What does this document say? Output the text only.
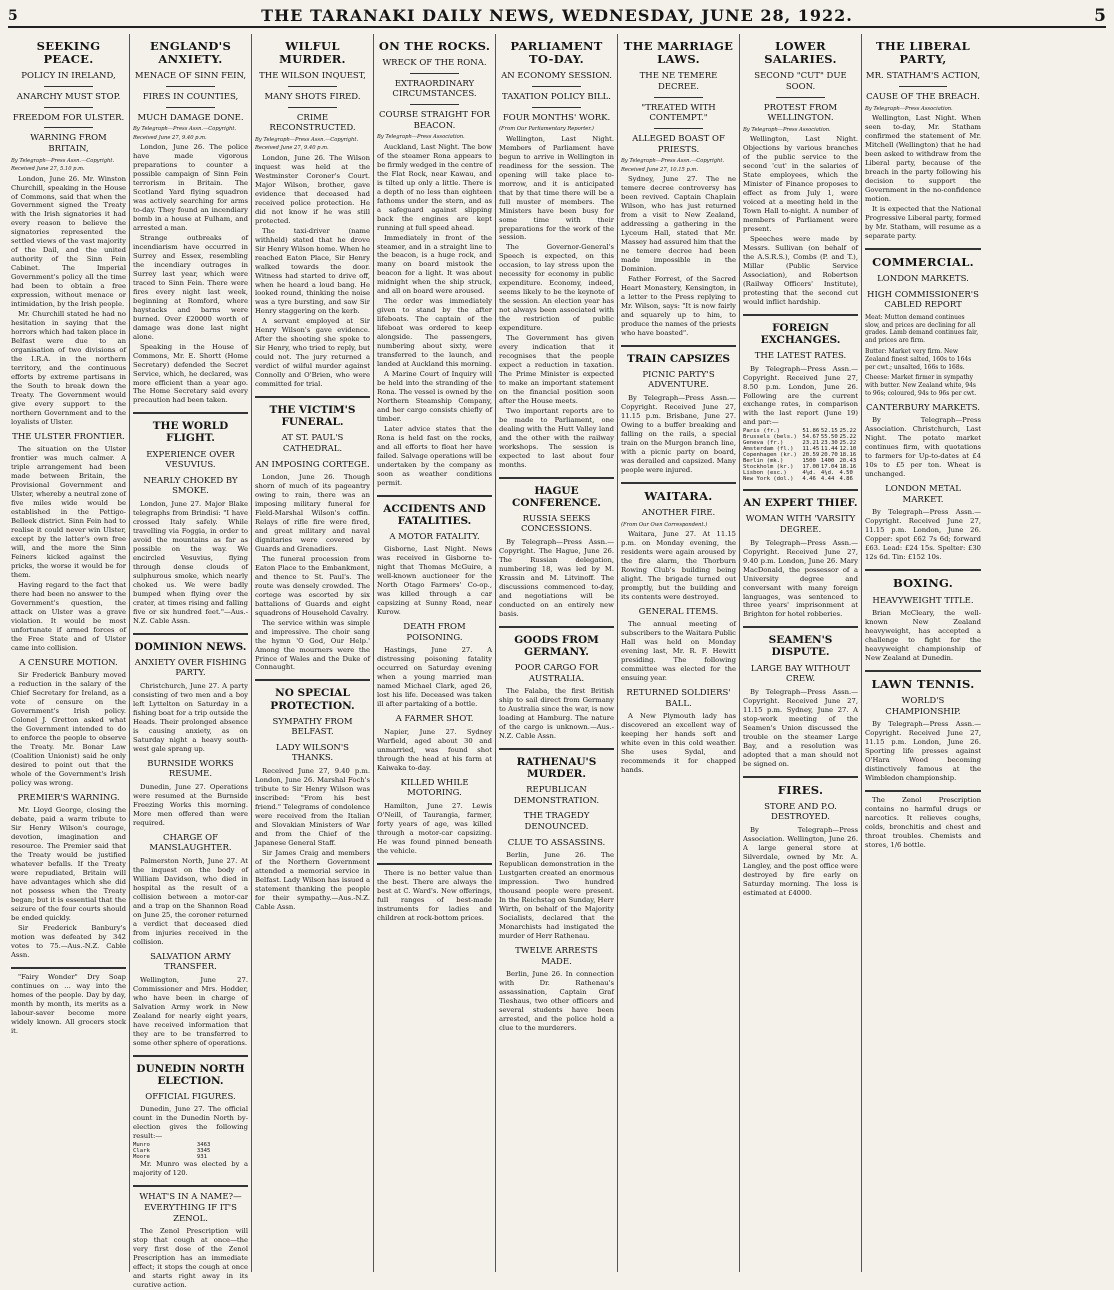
5	THE TARANAKI DAILY NEWS, WEDNESDAY, JUNE 28, 1922.	5
SEEKING PEACE.
POLICY IN IRELAND,
ANARCHY MUST STOP.
FREEDOM FOR ULSTER.
WARNING FROM BRITAIN,
By Telegraph—Press Assn.—Copyright.
Received June 27, 5.10 p.m.

London, June 26. Mr. Winston Churchill, speaking in the House of Commons, said that when the Government signed the Treaty with the Irish signatories it had every reason to believe the signatories represented the settled views of the vast majority of the Dail, and the united authority of the Sinn Fein Cabinet. The Imperial Government's policy all the time had been to obtain a free expression, without menace or intimidation, by the Irish people.

Mr. Churchill stated he had no hesitation in saying that the horrors which had taken place in Belfast were due to an organisation of two divisions of the I.R.A. in the northern territory, and the continuous efforts by extreme partisans in the South to break down the Treaty. The Government would give every support to the northern Government and to the loyalists of Ulster.

THE ULSTER FRONTIER.

The situation on the Ulster frontier was much calmer. A triple arrangement had been made between Britain, the Provisional Government and Ulster, whereby a neutral zone of five miles wide would be established in the Pettigo-Belleek district. Sinn Fein had to realise it could never win Ulster, except by the latter's own free will, and the more the Sinn Feiners kicked against the pricks, the worse it would be for them.

Having regard to the fact that there had been no answer to the Government's question, the attack on Ulster was a grave violation. It would be most unfortunate if armed forces of the Free State and of Ulster came into collision.

A CENSURE MOTION.

Sir Frederick Banbury moved a reduction in the salary of the Chief Secretary for Ireland, as a vote of censure on the Government's Irish policy. Colonel J. Gretton asked what the Government intended to do to enforce the people to observe the Treaty. Mr. Bonar Law (Coalition Unionist) said he only desired to point out that the whole of the Government's Irish policy was wrong.

PREMIER'S WARNING.

Mr. Lloyd George, closing the debate, paid a warm tribute to Sir Henry Wilson's courage, devotion, imagination and resource. The Premier said that the Treaty would be justified whatever befalls. If the Treaty were repudiated, Britain will have advantages which she did not possess when the Treaty began; but it is essential that the seizure of the four courts should be ended quickly.

Sir Frederick Banbury's motion was defeated by 342 votes to 75.—Aus.-N.Z. Cable Assn.

"Fairy Wonder" Dry Soap continues on ... way into the homes of the people. Day by day, month by month, its merits as a labour-saver become more widely known. All grocers stock it.

ENGLAND'S ANXIETY.
MENACE OF SINN FEIN,
FIRES IN COUNTIES,
MUCH DAMAGE DONE.
By Telegraph—Press Assn.—Copyright.
Received June 27, 9.40 p.m.

London, June 26. The police have made vigorous preparations to counter a possible campaign of Sinn Fein terrorism in Britain. The Scotland Yard flying squadron was actively searching for arms to-day. They found an incendiary bomb in a house at Fulham, and arrested a man.

Strange outbreaks of incendiarism have occurred in Surrey and Essex, resembling the incendiary outrages in Surrey last year, which were traced to Sinn Fein. There were fires every night last week, beginning at Romford, where haystacks and barns were burned. Over £20000 worth of damage was done last night alone.

Speaking in the House of Commons, Mr. E. Shortt (Home Secretary) defended the Secret Service, which, he declared, was more efficient than a year ago. The Home Secretary said every precaution had been taken.

THE WORLD FLIGHT.
EXPERIENCE OVER VESUVIUS.
NEARLY CHOKED BY SMOKE.

London, June 27. Major Blake telegraphs from Brindisi: "I have crossed Italy safely. While travelling via Foggia, in order to avoid the mountains as far as possible on the way. We encircled Vesuvius, flying through dense clouds of sulphurous smoke, which nearly choked us. We were badly bumped when flying over the crater, at times rising and falling five or six hundred feet."—Aus.-N.Z. Cable Assn.

DOMINION NEWS.
ANXIETY OVER FISHING PARTY.

Christchurch, June 27. A party consisting of two men and a boy left Lyttelton on Saturday in a fishing boat for a trip outside the Heads. Their prolonged absence is causing anxiety, as on Saturday night a heavy south-west gale sprang up.

BURNSIDE WORKS RESUME.

Dunedin, June 27. Operations were resumed at the Burnside Freezing Works this morning. More men offered than were required.

CHARGE OF MANSLAUGHTER.

Palmerston North, June 27. At the inquest on the body of William Davidson, who died in hospital as the result of a collision between a motor-car and a trap on the Shannon Road on June 25, the coroner returned a verdict that deceased died from injuries received in the collision.

SALVATION ARMY TRANSFER.

Wellington, June 27. Commissioner and Mrs. Hodder, who have been in charge of Salvation Army work in New Zealand for nearly eight years, have received information that they are to be transferred to some other sphere of operations.

DUNEDIN NORTH ELECTION.
OFFICIAL FIGURES.

Dunedin, June 27. The official count in the Dunedin North by-election gives the following result:—

Munro	3463
Clark	3345
Moore	931

Mr. Munro was elected by a majority of 120.

WHAT'S IN A NAME?—EVERYTHING IF IT'S ZENOL.

The Zenol Prescription will stop that cough at once—the very first dose of the Zenol Prescription has an immediate effect; it stops the cough at once and starts right away in its curative action.

WILFUL MURDER.
THE WILSON INQUEST,
MANY SHOTS FIRED.
CRIME RECONSTRUCTED.
By Telegraph—Press Assn.—Copyright.
Received June 27, 9.40 p.m.

London, June 26. The Wilson inquest was held at the Westminster Coroner's Court. Major Wilson, brother, gave evidence that deceased had received police protection. He did not know if he was still protected.

The taxi-driver (name withheld) stated that he drove Sir Henry Wilson home. When he reached Eaton Place, Sir Henry walked towards the door. Witness had started to drive off, when he heard a loud bang. He looked round, thinking the noise was a tyre bursting, and saw Sir Henry staggering on the kerb.

A servant employed at Sir Henry Wilson's gave evidence. After the shooting she spoke to Sir Henry, who tried to reply, but could not. The jury returned a verdict of wilful murder against Connolly and O'Brien, who were committed for trial.

THE VICTIM'S FUNERAL.
AT ST. PAUL'S CATHEDRAL.
AN IMPOSING CORTEGE.

London, June 26. Though shorn of much of its pageantry owing to rain, there was an imposing military funeral for Field-Marshal Wilson's coffin. Relays of rifle fire were fired, and great military and naval dignitaries were covered by Guards and Grenadiers.

The funeral procession from Eaton Place to the Embankment, and thence to St. Paul's. The route was densely crowded. The cortege was escorted by six battalions of Guards and eight squadrons of Household Cavalry.

The service within was simple and impressive. The choir sang the hymn 'O God, Our Help.' Among the mourners were the Prince of Wales and the Duke of Connaught.

NO SPECIAL PROTECTION.
SYMPATHY FROM BELFAST.
LADY WILSON'S THANKS.

Received June 27, 9.40 p.m. London, June 26. Marshal Foch's tribute to Sir Henry Wilson was inscribed: "From his best friend." Telegrams of condolence were received from the Italian and Slovakian Ministers of War and from the Chief of the Japanese General Staff.

Sir James Craig and members of the Northern Government attended a memorial service in Belfast. Lady Wilson has issued a statement thanking the people for their sympathy.—Aus.-N.Z. Cable Assn.

ON THE ROCKS.
WRECK OF THE RONA.
EXTRAORDINARY CIRCUMSTANCES.
COURSE STRAIGHT FOR BEACON.
By Telegraph—Press Association.

Auckland, Last Night. The bow of the steamer Rona appears to be firmly wedged in the centre of the Flat Rock, near Kawau, and is tilted up only a little. There is a depth of no less than eighteen fathoms under the stern, and as a safeguard against slipping back the engines are kept running at full speed ahead.

Immediately in front of the steamer, and in a straight line to the beacon, is a huge rock, and many on board mistook the beacon for a light. It was about midnight when the ship struck, and all on board were aroused.

The order was immediately given to stand by the after lifeboats. The captain of the lifeboat was ordered to keep alongside. The passengers, numbering about sixty, were transferred to the launch, and landed at Auckland this morning.

A Marine Court of Inquiry will be held into the stranding of the Rona. The vessel is owned by the Northern Steamship Company, and her cargo consists chiefly of timber.

Later advice states that the Rona is held fast on the rocks, and all efforts to float her have failed. Salvage operations will be undertaken by the company as soon as weather conditions permit.

ACCIDENTS AND FATALITIES.
A MOTOR FATALITY.

Gisborne, Last Night. News was received in Gisborne to-night that Thomas McGuire, a well-known auctioneer for the North Otago Farmers' Co-op., was killed through a car capsizing at Sunny Road, near Kurow.

DEATH FROM POISONING.

Hastings, June 27. A distressing poisoning fatality occurred on Saturday evening when a young married man named Michael Clark, aged 26, lost his life. Deceased was taken ill after partaking of a bottle.

A FARMER SHOT.

Napier, June 27. Sydney Warfield, aged about 30 and unmarried, was found shot through the head at his farm at Kaiwaka to-day.

KILLED WHILE MOTORING.

Hamilton, June 27. Lewis O'Neill, of Taurangia, farmer, forty years of age, was killed through a motor-car capsizing. He was found pinned beneath the vehicle.

There is no better value than the best. There are always the best at C. Ward's. New offerings, full ranges of best-made instruments for ladies and children at rock-bottom prices.

PARLIAMENT TO-DAY.
AN ECONOMY SESSION.
TAXATION POLICY BILL.
FOUR MONTHS' WORK.
(From Our Parliamentary Reporter.)

Wellington, Last Night. Members of Parliament have begun to arrive in Wellington in readiness for the session. The opening will take place to-morrow, and it is anticipated that by that time there will be a full muster of members. The Ministers have been busy for some time with their preparations for the work of the session.

The Governor-General's Speech is expected, on this occasion, to lay stress upon the necessity for economy in public expenditure. Economy, indeed, seems likely to be the keynote of the session. An election year has not always been associated with the restriction of public expenditure.

The Government has given every indication that it recognises that the people expect a reduction in taxation. The Prime Minister is expected to make an important statement on the financial position soon after the House meets.

Two important reports are to be made to Parliament, one dealing with the Hutt Valley land and the other with the railway workshops. The session is expected to last about four months.

HAGUE CONFERENCE.
RUSSIA SEEKS CONCESSIONS.

By Telegraph—Press Assn.—Copyright. The Hague, June 26. The Russian delegation, numbering 18, was led by M. Krassin and M. Litvinoff. The discussions commenced to-day, and negotiations will be conducted on an entirely new basis.

GOODS FROM GERMANY.
POOR CARGO FOR AUSTRALIA.

The Falaba, the first British ship to sail direct from Germany to Australia since the war, is now loading at Hamburg. The nature of the cargo is unknown.—Aus.-N.Z. Cable Assn.

RATHENAU'S MURDER.
REPUBLICAN DEMONSTRATION.
THE TRAGEDY DENOUNCED.
CLUE TO ASSASSINS.

Berlin, June 26. The Republican demonstration in the Lustgarten created an enormous impression. Two hundred thousand people were present. In the Reichstag on Sunday, Herr Wirth, on behalf of the Majority Socialists, declared that the Monarchists had instigated the murder of Herr Rathenau.

TWELVE ARRESTS MADE.

Berlin, June 26. In connection with Dr. Rathenau's assassination, Captain Graf Tieshaus, two other officers and several students have been arrested, and the police hold a clue to the murderers.

THE MARRIAGE LAWS.
THE NE TEMERE DECREE.
"TREATED WITH CONTEMPT."
ALLEGED BOAST OF PRIESTS.
By Telegraph—Press Assn.—Copyright.
Received June 27, 10.15 p.m.

Sydney, June 27. The ne temere decree controversy has been revived. Captain Chaplain Wilson, who has just returned from a visit to New Zealand, addressing a gathering in the Lyceum Hall, stated that Mr. Massey had assured him that the ne temere decree had been made impossible in the Dominion.

Father Forrest, of the Sacred Heart Monastery, Kensington, in a letter to the Press replying to Mr. Wilson, says: "It is now fairly and squarely up to him, to produce the names of the priests who have boasted".

TRAIN CAPSIZES
PICNIC PARTY'S ADVENTURE.

By Telegraph—Press Assn.—Copyright. Received June 27, 11.15 p.m. Brisbane, June 27. Owing to a buffer breaking and falling on the rails, a special train on the Murgon branch line, with a picnic party on board, was derailed and capsized. Many people were injured.

WAITARA.
ANOTHER FIRE.
(From Our Own Correspondent.)

Waitara, June 27. At 11.15 p.m. on Monday evening, the residents were again aroused by the fire alarm, the Thorburn Rowing Club's building being alight. The brigade turned out promptly, but the building and its contents were destroyed.

GENERAL ITEMS.

The annual meeting of subscribers to the Waitara Public Hall was held on Monday evening last, Mr. R. F. Hewitt presiding. The following committee was elected for the ensuing year.

RETURNED SOLDIERS' BALL.

A New Plymouth lady has discovered an excellent way of keeping her hands soft and white even in this cold weather. She uses Sydal, and recommends it for chapped hands.

LOWER SALARIES.
SECOND "CUT" DUE SOON.
PROTEST FROM WELLINGTON.
By Telegraph—Press Association.

Wellington, Last Night. Objections by various branches of the public service to the second 'cut' in the salaries of State employees, which the Minister of Finance proposes to effect as from July 1, were voiced at a meeting held in the Town Hall to-night. A number of members of Parliament were present.

Speeches were made by Messrs. Sullivan (on behalf of the A.S.R.S.), Combs (P. and T.), Millar (Public Service Association), and Robertson (Railway Officers' Institute), protesting that the second cut would inflict hardship.

FOREIGN EXCHANGES.
THE LATEST RATES.

By Telegraph—Press Assn.—Copyright. Received June 27, 8.50 p.m. London, June 26. Following are the current exchange rates, in comparison with the last report (June 19) and par:—

Paris (fr.)	51.86	52.15	25.22
Brussels (bels.)	54.67	55.50	25.22
Geneva (fr.)	23.21	23.30	25.22
Amsterdam (fl.)	11.45	11.44	12.10
Copenhagen (kr.)	20.59	20.70	18.16
Berlin (mk.)	1500	1400	20.43
Stockholm (kr.)	17.00	17.04	18.16
Lisbon (esc.)	4¼d.	4¼d.	4.50
New York (dol.)	4.46	4.44	4.86
AN EXPERT THIEF.
WOMAN WITH 'VARSITY DEGREE.

By Telegraph—Press Assn.—Copyright. Received June 27, 9.40 p.m. London, June 26. Mary MacDonald, the possessor of a University degree and conversant with many foreign languages, was sentenced to three years' imprisonment at Brighton for hotel robberies.

SEAMEN'S DISPUTE.
LARGE BAY WITHOUT CREW.

By Telegraph—Press Assn.—Copyright. Received June 27, 11.15 p.m. Sydney, June 27. A stop-work meeting of the Seamen's Union discussed the trouble on the steamer Large Bay, and a resolution was adopted that a man should not be signed on.

FIRES.
STORE AND P.O. DESTROYED.

By Telegraph—Press Association. Wellington, June 26. A large general store at Silverdale, owned by Mr. A. Langley, and the post office were destroyed by fire early on Saturday morning. The loss is estimated at £4000.

THE LIBERAL PARTY,
MR. STATHAM'S ACTION,
CAUSE OF THE BREACH.
By Telegraph—Press Association.

Wellington, Last Night. When seen to-day, Mr. Statham confirmed the statement of Mr. Mitchell (Wellington) that he had been asked to withdraw from the Liberal party, because of the breach in the party following his decision to support the Government in the no-confidence motion.

It is expected that the National Progressive Liberal party, formed by Mr. Statham, will resume as a separate party.

COMMERCIAL.
LONDON MARKETS.
HIGH COMMISSIONER'S CABLED REPORT

Meat: Mutton demand continues slow, and prices are declining for all grades. Lamb demand continues fair, and prices are firm.

Butter: Market very firm. New Zealand finest salted, 160s to 164s per cwt.; unsalted, 166s to 168s.

Cheese: Market firmer in sympathy with butter. New Zealand white, 94s to 96s; coloured, 94s to 96s per cwt.

CANTERBURY MARKETS.

By Telegraph—Press Association. Christchurch, Last Night. The potato market continues firm, with quotations to farmers for Up-to-dates at £4 10s to £5 per ton. Wheat is unchanged.

LONDON METAL MARKET.

By Telegraph—Press Assn.—Copyright. Received June 27, 11.15 p.m. London, June 26. Copper: spot £62 7s 6d; forward £63. Lead: £24 15s. Spelter: £30 12s 6d. Tin: £152 10s.

BOXING.
HEAVYWEIGHT TITLE.

Brian McCleary, the well-known New Zealand heavyweight, has accepted a challenge to fight for the heavyweight championship of New Zealand at Dunedin.

LAWN TENNIS.
WORLD'S CHAMPIONSHIP.

By Telegraph—Press Assn.—Copyright. Received June 27, 11.15 p.m. London, June 26. Sporting life presses against O'Hara Wood becoming distinctively famous at the Wimbledon championship.

The Zenol Prescription contains no harmful drugs or narcotics. It relieves coughs, colds, bronchitis and chest and throat troubles. Chemists and stores, 1/6 bottle.
